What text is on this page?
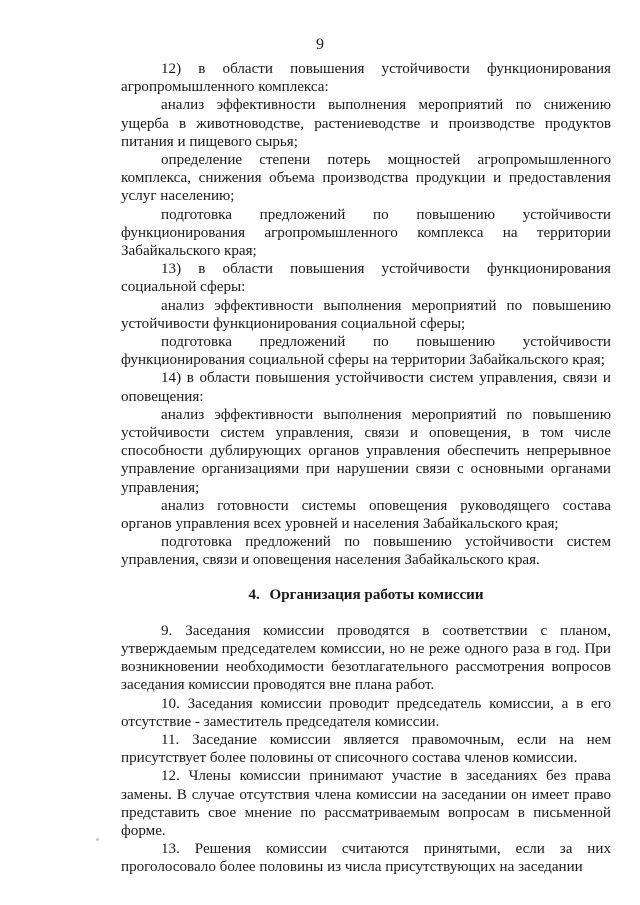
9

12) в области повышения устойчивости функционирования агропромышленного комплекса:

анализ эффективности выполнения мероприятий по снижению ущерба в животноводстве, растениеводстве и производстве продуктов питания и пищевого сырья;

определение степени потерь мощностей агропромышленного комплекса, снижения объема производства продукции и предоставления услуг населению;

подготовка предложений по повышению устойчивости функционирования агропромышленного комплекса на территории Забайкальского края;

13) в области повышения устойчивости функционирования социальной сферы:

анализ эффективности выполнения мероприятий по повышению устойчивости функционирования социальной сферы;

подготовка предложений по повышению устойчивости функционирования социальной сферы на территории Забайкальского края;

14) в области повышения устойчивости систем управления, связи и оповещения:

анализ эффективности выполнения мероприятий по повышению устойчивости систем управления, связи и оповещения, в том числе способности дублирующих органов управления обеспечить непрерывное управление организациями при нарушении связи с основными органами управления;

анализ готовности системы оповещения руководящего состава органов управления всех уровней и населения Забайкальского края;

подготовка предложений по повышению устойчивости систем управления, связи и оповещения населения Забайкальского края.

4. Организация работы комиссии

9. Заседания комиссии проводятся в соответствии с планом, утверждаемым председателем комиссии, но не реже одного раза в год. При возникновении необходимости безотлагательного рассмотрения вопросов заседания комиссии проводятся вне плана работ.

10. Заседания комиссии проводит председатель комиссии, а в его отсутствие - заместитель председателя комиссии.

11. Заседание комиссии является правомочным, если на нем присутствует более половины от списочного состава членов комиссии.

12. Члены комиссии принимают участие в заседаниях без права замены. В случае отсутствия члена комиссии на заседании он имеет право представить свое мнение по рассматриваемым вопросам в письменной форме.

13. Решения комиссии считаются принятыми, если за них проголосовало более половины из числа присутствующих на заседании
